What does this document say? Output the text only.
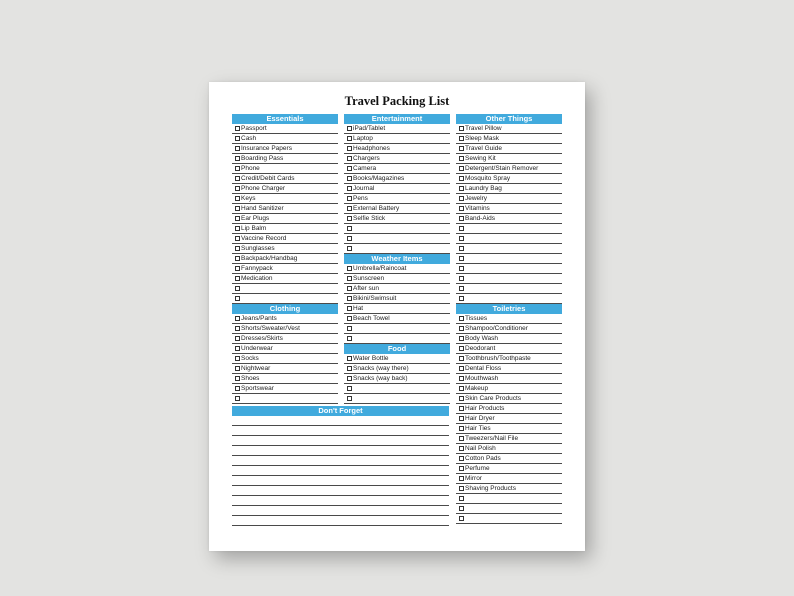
Travel Packing List
Essentials
Passport
Cash
Insurance Papers
Boarding Pass
Phone
Credit/Debit Cards
Phone Charger
Keys
Hand Sanitizer
Ear Plugs
Lip Balm
Vaccine Record
Sunglasses
Backpack/Handbag
Fannypack
Medication
Clothing
Jeans/Pants
Shorts/Sweater/Vest
Dresses/Skirts
Underwear
Socks
Nightwear
Shoes
Sportswear
Entertainment
iPad/Tablet
Laptop
Headphones
Chargers
Camera
Books/Magazines
Journal
Pens
External Battery
Selfie Stick
Weather Items
Umbrella/Raincoat
Sunscreen
After sun
Bikini/Swimsuit
Hat
Beach Towel
Food
Water Bottle
Snacks (way there)
Snacks (way back)
Other Things
Travel Pillow
Sleep Mask
Travel Guide
Sewing Kit
Detergent/Stain Remover
Mosquito Spray
Laundry Bag
Jewelry
Vitamins
Band-Aids
Toiletries
Tissues
Shampoo/Conditioner
Body Wash
Deodorant
Toothbrush/Toothpaste
Dental Floss
Mouthwash
Makeup
Skin Care Products
Hair Products
Hair Dryer
Hair Ties
Tweezers/Nail File
Nail Polish
Cotton Pads
Perfume
Mirror
Shaving Products
Don't Forget
